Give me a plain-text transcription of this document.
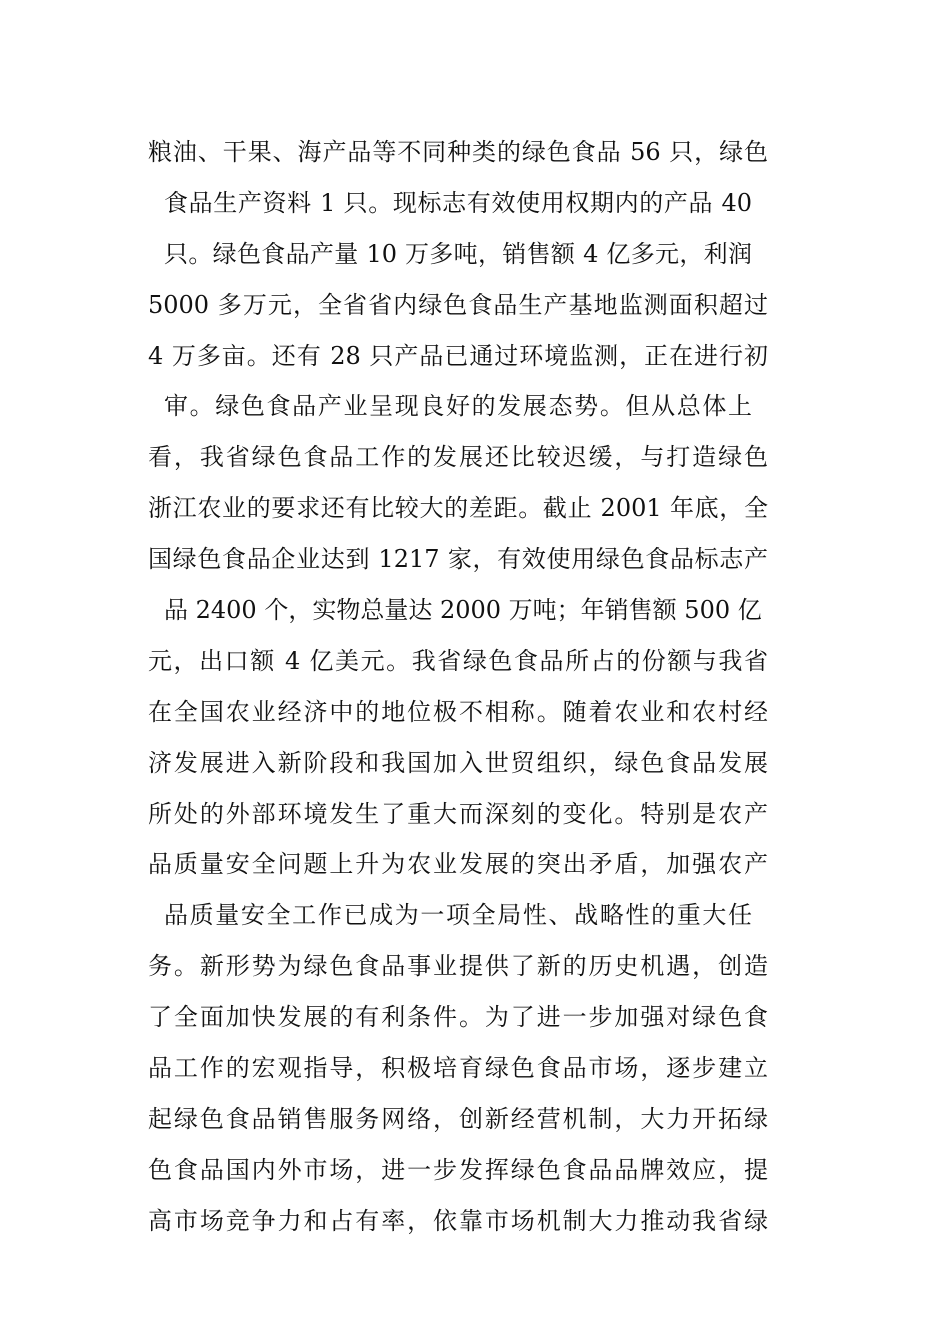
粮油、干果、海产品等不同种类的绿色食品 56 只，绿色
食品生产资料 1 只。现标志有效使用权期内的产品 40
只。绿色食品产量 10 万多吨，销售额 4 亿多元，利润
5000 多万元，全省省内绿色食品生产基地监测面积超过
4 万多亩。还有 28 只产品已通过环境监测，正在进行初
审。绿色食品产业呈现良好的发展态势。但从总体上
看，我省绿色食品工作的发展还比较迟缓，与打造绿色
浙江农业的要求还有比较大的差距。截止 2001 年底，全
国绿色食品企业达到 1217 家，有效使用绿色食品标志产
品 2400 个，实物总量达 2000 万吨；年销售额 500 亿
元，出口额 4 亿美元。我省绿色食品所占的份额与我省
在全国农业经济中的地位极不相称。随着农业和农村经
济发展进入新阶段和我国加入世贸组织，绿色食品发展
所处的外部环境发生了重大而深刻的变化。特别是农产
品质量安全问题上升为农业发展的突出矛盾，加强农产
品质量安全工作已成为一项全局性、战略性的重大任
务。新形势为绿色食品事业提供了新的历史机遇，创造
了全面加快发展的有利条件。为了进一步加强对绿色食
品工作的宏观指导，积极培育绿色食品市场，逐步建立
起绿色食品销售服务网络，创新经营机制，大力开拓绿
色食品国内外市场，进一步发挥绿色食品品牌效应，提
高市场竞争力和占有率，依靠市场机制大力推动我省绿
